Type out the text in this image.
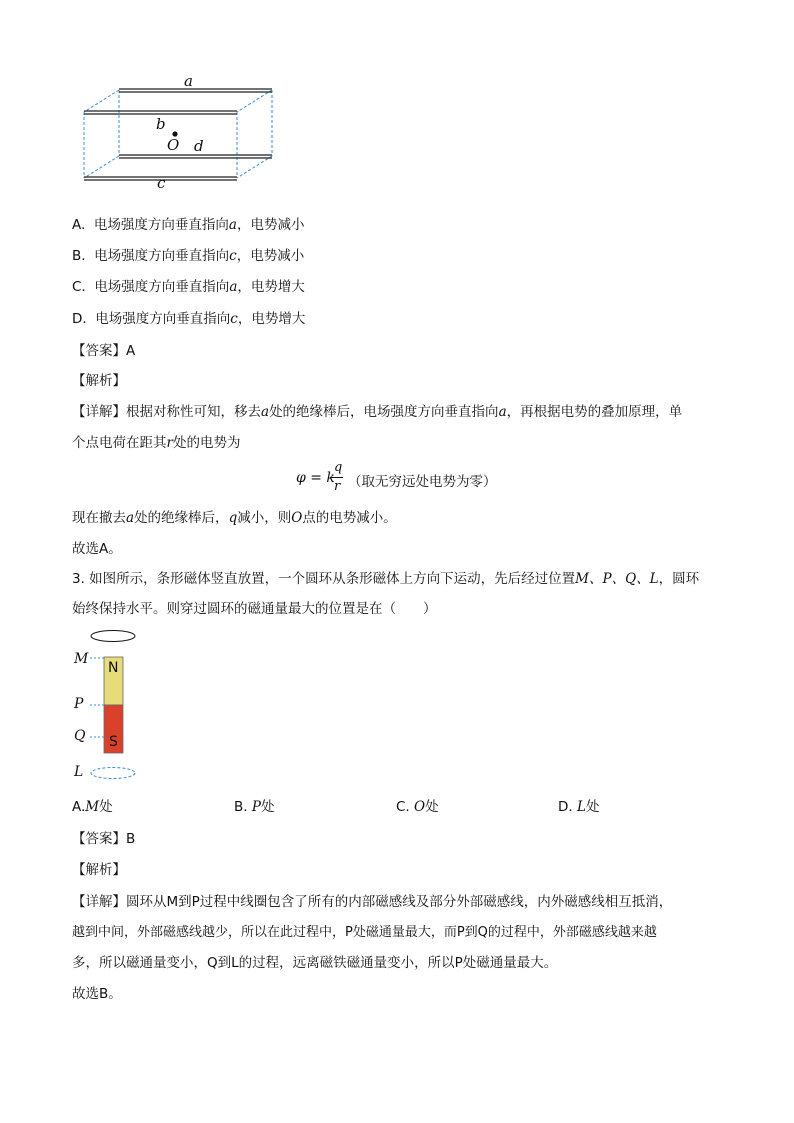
a
b
O d
c
A. 电场强度方向垂直指向a，电势减小
B. 电场强度方向垂直指向c，电势减小
C. 电场强度方向垂直指向a，电势增大
D. 电场强度方向垂直指向c，电势增大
【答案】A
【解析】
【详解】根据对称性可知，移去a处的绝缘棒后，电场强度方向垂直指向a，再根据电势的叠加原理，单
个点电荷在距其r处的电势为
φ = k
q
r （取无穷远处电势为零）
现在撤去a处的绝缘棒后，q减小，则O点的电势减小。
故选A。
3. 如图所示，条形磁体竖直放置，一个圆环从条形磁体上方向下运动，先后经过位置M、P、Q、L，圆环
始终保持水平。则穿过圆环的磁通量最大的位置是在（　　）
M
P
Q
L
N
S
A.M处	B. P处	C. O处	D. L处
【答案】B
【解析】
【详解】圆环从M到P过程中线圈包含了所有的内部磁感线及部分外部磁感线，内外磁感线相互抵消，
越到中间，外部磁感线越少，所以在此过程中，P处磁通量最大，而P到Q的过程中，外部磁感线越来越
多，所以磁通量变小，Q到L的过程，远离磁铁磁通量变小，所以P处磁通量最大。
故选B。
